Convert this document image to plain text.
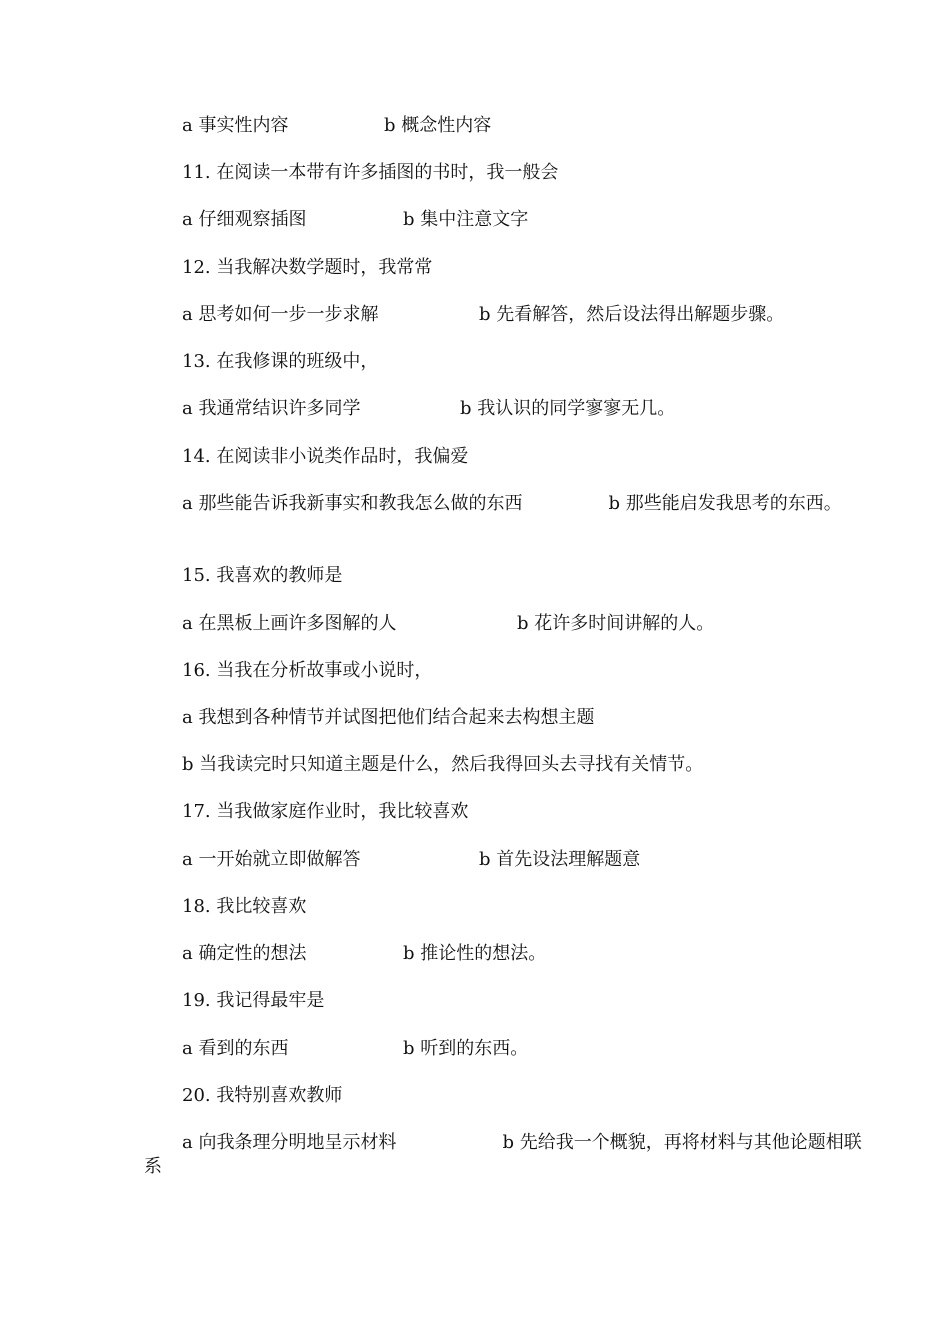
a 事实性内容	b 概念性内容
11. 在阅读一本带有许多插图的书时，我一般会
a 仔细观察插图	b 集中注意文字
12. 当我解决数学题时，我常常
a 思考如何一步一步求解	b 先看解答，然后设法得出解题步骤。
13. 在我修课的班级中，
a 我通常结识许多同学	b 我认识的同学寥寥无几。
14. 在阅读非小说类作品时，我偏爱
a 那些能告诉我新事实和教我怎么做的东西	b 那些能启发我思考的东西。
15. 我喜欢的教师是
a 在黑板上画许多图解的人	b 花许多时间讲解的人。
16. 当我在分析故事或小说时，
a 我想到各种情节并试图把他们结合起来去构想主题
b 当我读完时只知道主题是什么，然后我得回头去寻找有关情节。
17. 当我做家庭作业时，我比较喜欢
a 一开始就立即做解答	b 首先设法理解题意
18. 我比较喜欢
a 确定性的想法	b 推论性的想法。
19. 我记得最牢是
a 看到的东西	b 听到的东西。
20. 我特别喜欢教师
a 向我条理分明地呈示材料	b 先给我一个概貌，再将材料与其他论题相联系
